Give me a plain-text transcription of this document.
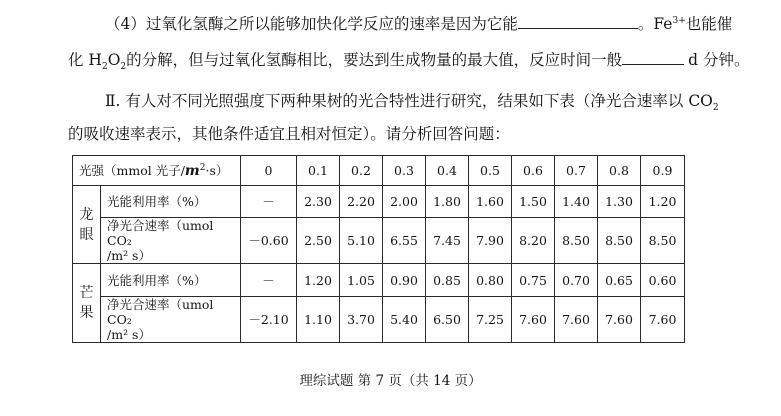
（4）过氧化氢酶之所以能够加快化学反应的速率是因为它能	。$Fe^{3+}$也能催
化 $H_2O_2$的分解，但与过氧化氢酶相比，要达到生成物量的最大值，反应时间一般	d 分钟。
Ⅱ. 有人对不同光照强度下两种果树的光合特性进行研究，结果如下表（净光合速率以 $CO_2$
的吸收速率表示，其他条件适宜且相对恒定）。请分析回答问题：
光强（mmol 光子$/m^2\cdot s$）		0	0.1	0.2	0.3	0.4	0.5	0.6	0.7	0.8	0.9
龙
眼	光能利用率（%）	－	2.30	2.20	2.00	1.80	1.60	1.50	1.40	1.30	1.20
	净光合速率（umol CO₂
/m² s）	－0.60	2.50	5.10	6.55	7.45	7.90	8.20	8.50	8.50	8.50
芒
果	光能利用率（%）	－	1.20	1.05	0.90	0.85	0.80	0.75	0.70	0.65	0.60
	净光合速率（umol CO₂
/m² s）	－2.10	1.10	3.70	5.40	6.50	7.25	7.60	7.60	7.60	7.60
理综试题 第 7 页（共 14 页）
